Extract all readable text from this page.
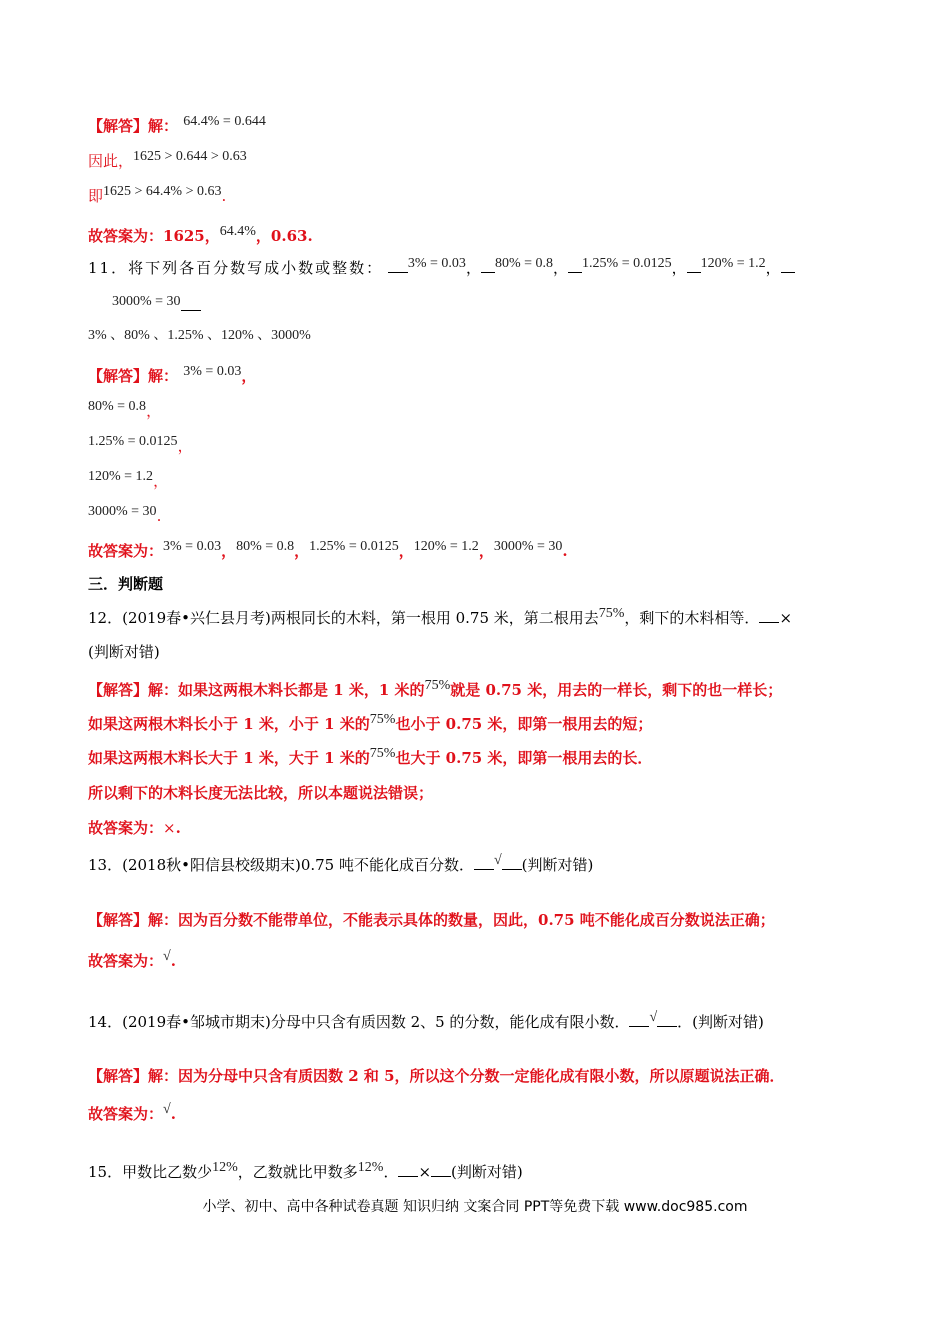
【解答】解： 64.4% = 0.644
因此，1625 > 0.644 > 0.63
即1625 > 64.4% > 0.63.
故答案为：1625，64.4%，0.63.
11．将下列各百分数写成小数或整数： 3% = 0.03， 80% = 0.8， 1.25% = 0.0125， 120% = 1.2，
3000% = 30
3% 、80% 、1.25% 、120% 、3000%
【解答】解： 3% = 0.03，
80% = 0.8，
1.25% = 0.0125，
120% = 1.2，
3000% = 30.
故答案为：3% = 0.03，80% = 0.8，1.25% = 0.0125，120% = 1.2，3000% = 30.
三．判断题
12．(2019春•兴仁县月考)两根同长的木料，第一根用 0.75 米，第二根用去75%，剩下的木料相等． ×
(判断对错)
【解答】解：如果这两根木料长都是 1 米，1 米的75%就是 0.75 米，用去的一样长，剩下的也一样长；
如果这两根木料长小于 1 米，小于 1 米的75%也小于 0.75 米，即第一根用去的短；
如果这两根木料长大于 1 米，大于 1 米的75%也大于 0.75 米，即第一根用去的长．
所以剩下的木料长度无法比较，所以本题说法错误；
故答案为：×.
13．(2018秋•阳信县校级期末)0.75 吨不能化成百分数． √ (判断对错)
【解答】解：因为百分数不能带单位，不能表示具体的数量，因此，0.75 吨不能化成百分数说法正确；
故答案为：√.
14．(2019春•邹城市期末)分母中只含有质因数 2、5 的分数，能化成有限小数． √ ．(判断对错)
【解答】解：因为分母中只含有质因数 2 和 5，所以这个分数一定能化成有限小数，所以原题说法正确．
故答案为：√.
15．甲数比乙数少12%，乙数就比甲数多12%． × (判断对错)
小学、初中、高中各种试卷真题 知识归纳 文案合同 PPT等免费下载 www.doc985.com
